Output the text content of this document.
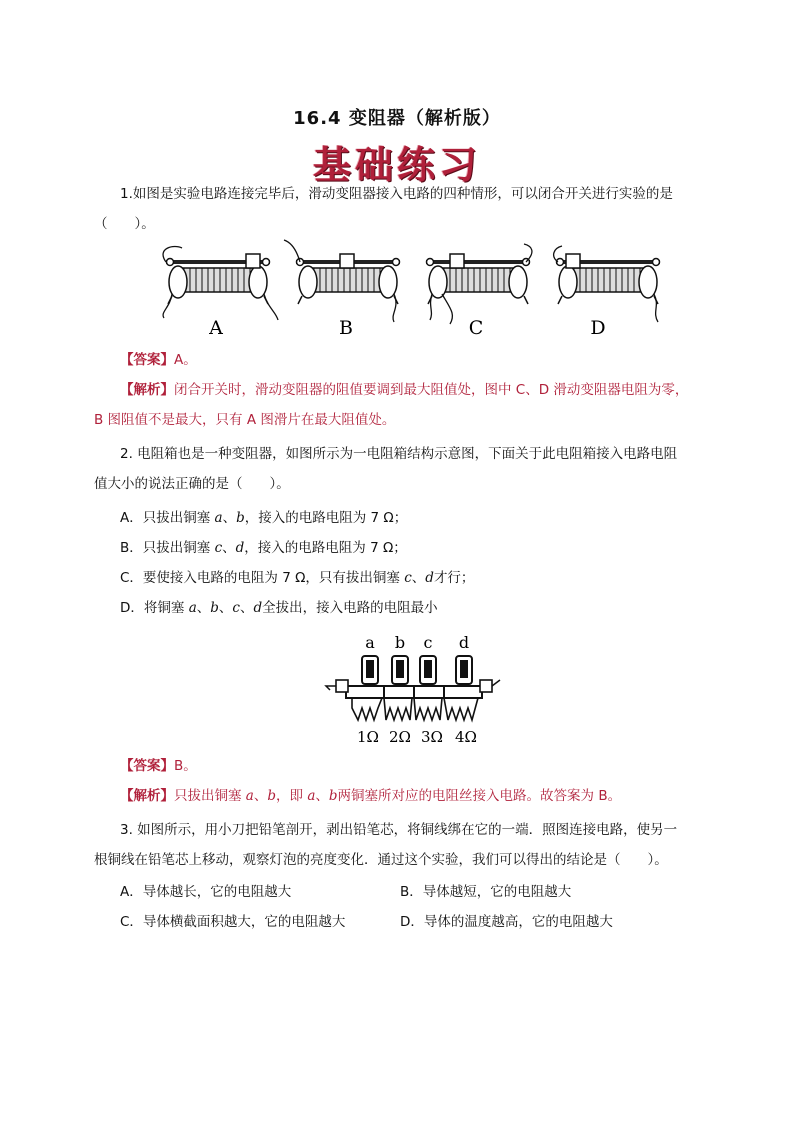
16.4 变阻器（解析版）
基础练习
1.如图是实验电路连接完毕后，滑动变阻器接入电路的四种情形，可以闭合开关进行实验的是
（　　）。
A	B	C	D
【答案】A。
【解析】闭合开关时，滑动变阻器的阻值要调到最大阻值处，图中 C、D 滑动变阻器电阻为零，
B 图阻值不是最大，只有 A 图滑片在最大阻值处。
2. 电阻箱也是一种变阻器，如图所示为一电阻箱结构示意图，下面关于此电阻箱接入电路电阻
值大小的说法正确的是（　　）。
A．只拔出铜塞 a、b，接入的电路电阻为 7 Ω；
B．只拔出铜塞 c、d，接入的电路电阻为 7 Ω；
C．要使接入电路的电阻为 7 Ω，只有拔出铜塞 c、d才行；
D．将铜塞 a、b、c、d全拔出，接入电路的电阻最小
a b c d
1Ω 2Ω 3Ω 4Ω
【答案】B。
【解析】只拔出铜塞 a、b，即 a、b两铜塞所对应的电阻丝接入电路。故答案为 B。
3. 如图所示，用小刀把铅笔剖开，剥出铅笔芯，将铜线绑在它的一端．照图连接电路，使另一
根铜线在铅笔芯上移动，观察灯泡的亮度变化．通过这个实验，我们可以得出的结论是（　　）。
A．导体越长，它的电阻越大	B．导体越短，它的电阻越大
C．导体横截面积越大，它的电阻越大	D．导体的温度越高，它的电阻越大
